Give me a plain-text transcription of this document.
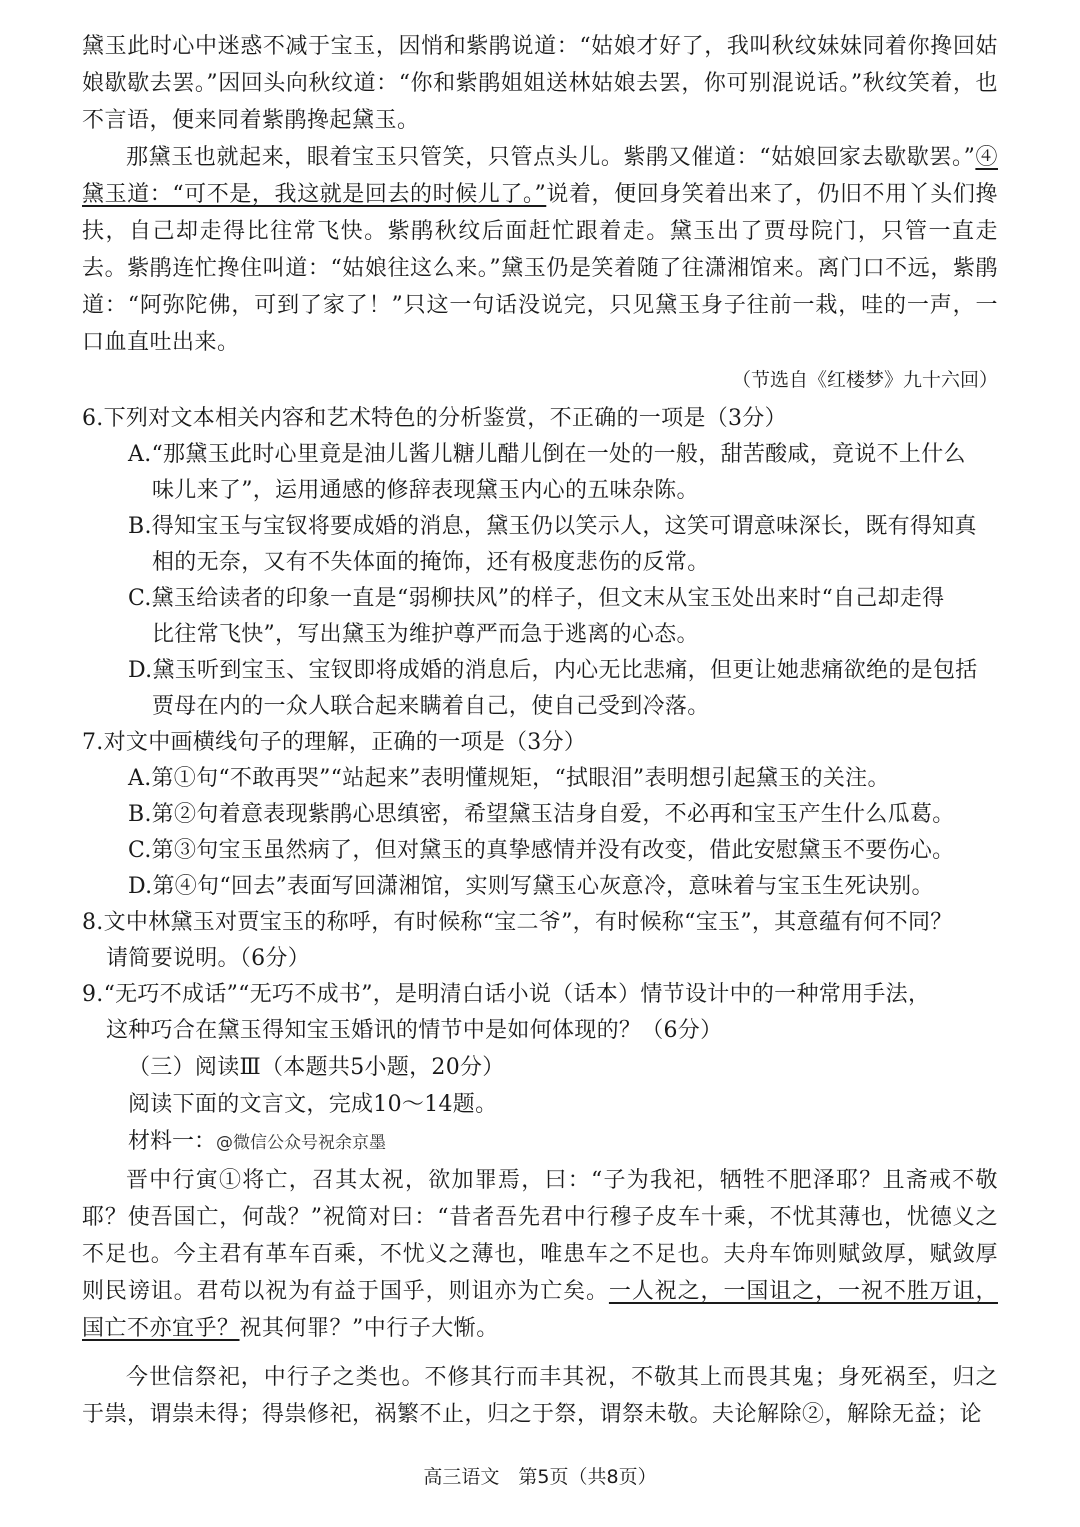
黛玉此时心中迷惑不减于宝玉，因悄和紫鹃说道：“姑娘才好了，我叫秋纹妹妹同着你搀回姑娘歇歇去罢。”因回头向秋纹道：“你和紫鹃姐姐送林姑娘去罢，你可别混说话。”秋纹笑着，也不言语，便来同着紫鹃搀起黛玉。

那黛玉也就起来，眼着宝玉只管笑，只管点头儿。紫鹃又催道：“姑娘回家去歇歇罢。”④黛玉道：“可不是，我这就是回去的时候儿了。”说着，便回身笑着出来了，仍旧不用丫头们搀扶，自己却走得比往常飞快。紫鹃秋纹后面赶忙跟着走。黛玉出了贾母院门，只管一直走去。紫鹃连忙搀住叫道：“姑娘往这么来。”黛玉仍是笑着随了往潇湘馆来。离门口不远，紫鹃道：“阿弥陀佛，可到了家了！”只这一句话没说完，只见黛玉身子往前一栽，哇的一声，一口血直吐出来。

（节选自《红楼梦》九十六回）

6.下列对文本相关内容和艺术特色的分析鉴赏，不正确的一项是（3分）

A.“那黛玉此时心里竟是油儿酱儿糖儿醋儿倒在一处的一般，甜苦酸咸，竟说不上什么

味儿来了”，运用通感的修辞表现黛玉内心的五味杂陈。

B.得知宝玉与宝钗将要成婚的消息，黛玉仍以笑示人，这笑可谓意味深长，既有得知真

相的无奈，又有不失体面的掩饰，还有极度悲伤的反常。

C.黛玉给读者的印象一直是“弱柳扶风”的样子，但文末从宝玉处出来时“自己却走得

比往常飞快”，写出黛玉为维护尊严而急于逃离的心态。

D.黛玉听到宝玉、宝钗即将成婚的消息后，内心无比悲痛，但更让她悲痛欲绝的是包括

贾母在内的一众人联合起来瞒着自己，使自己受到冷落。

7.对文中画横线句子的理解，正确的一项是（3分）

A.第①句“不敢再哭”“站起来”表明懂规矩，“拭眼泪”表明想引起黛玉的关注。

B.第②句着意表现紫鹃心思缜密，希望黛玉洁身自爱，不必再和宝玉产生什么瓜葛。

C.第③句宝玉虽然病了，但对黛玉的真挚感情并没有改变，借此安慰黛玉不要伤心。

D.第④句“回去”表面写回潇湘馆，实则写黛玉心灰意冷，意味着与宝玉生死诀别。

8.文中林黛玉对贾宝玉的称呼，有时候称“宝二爷”，有时候称“宝玉”，其意蕴有何不同？

请简要说明。（6分）

9.“无巧不成话”“无巧不成书”，是明清白话小说（话本）情节设计中的一种常用手法，

这种巧合在黛玉得知宝玉婚讯的情节中是如何体现的？（6分）

（三）阅读Ⅲ（本题共5小题，20分）

阅读下面的文言文，完成10～14题。

材料一：@微信公众号祝余京墨

晋中行寅①将亡，召其太祝，欲加罪焉，曰：“子为我祀，牺牲不肥泽耶？且斋戒不敬耶？使吾国亡，何哉？”祝简对曰：“昔者吾先君中行穆子皮车十乘，不忧其薄也，忧德义之不足也。今主君有革车百乘，不忧义之薄也，唯患车之不足也。夫舟车饰则赋敛厚，赋敛厚则民谤诅。君苟以祝为有益于国乎，则诅亦为亡矣。一人祝之，一国诅之，一祝不胜万诅，国亡不亦宜乎？祝其何罪？”中行子大惭。

今世信祭祀，中行子之类也。不修其行而丰其祝，不敬其上而畏其鬼；身死祸至，归之于祟，谓祟未得；得祟修祀，祸繁不止，归之于祭，谓祭未敬。夫论解除②，解除无益；论

高三语文　第5页（共8页）
